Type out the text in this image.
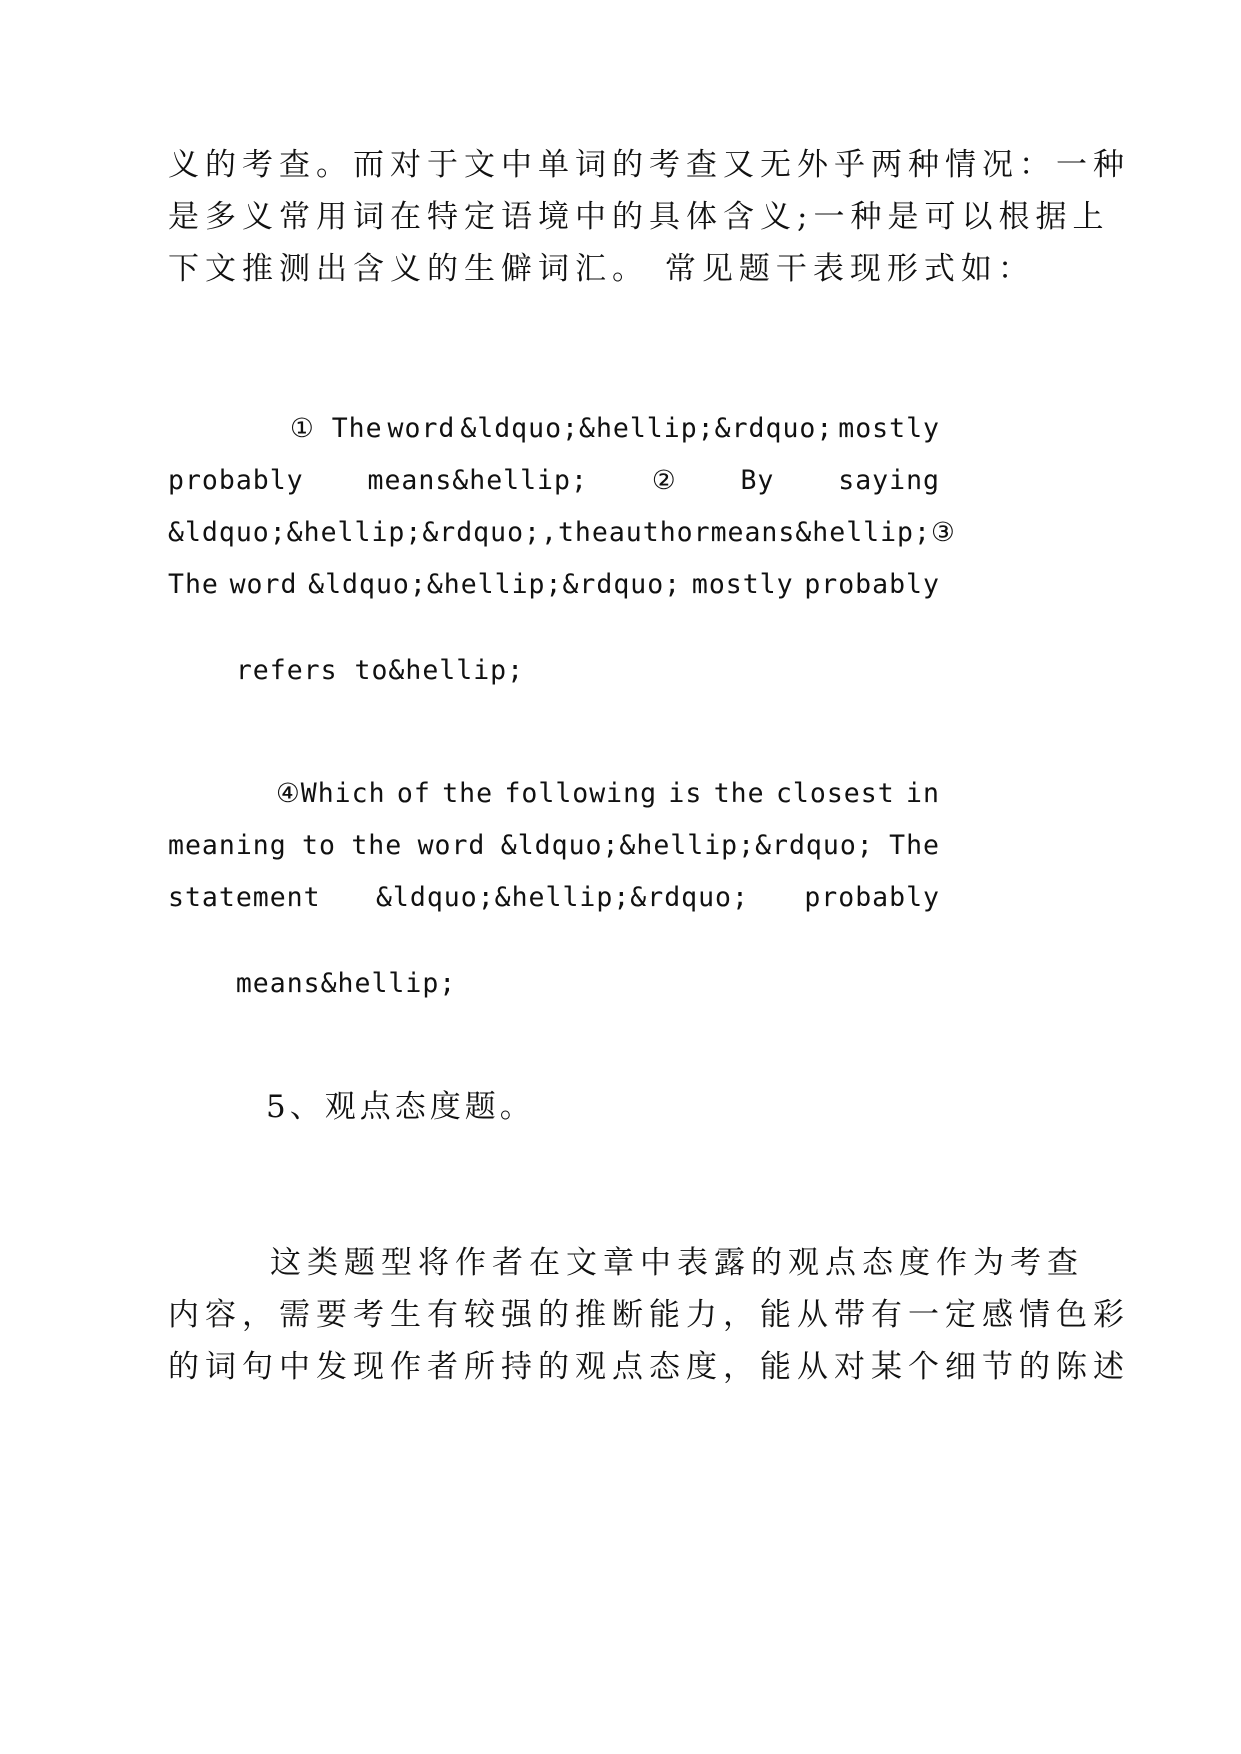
义的考查。而对于文中单词的考查又无外乎两种情况：一种
是多义常用词在特定语境中的具体含义;一种是可以根据上
下文推测出含义的生僻词汇。 常见题干表现形式如：
① The word &ldquo;&hellip;&rdquo; mostly
probably means&hellip; ② By saying
&ldquo;&hellip;&rdquo;, the author means&hellip; ③
The word &ldquo;&hellip;&rdquo; mostly probably

refers to&hellip;

④Which of the following is the closest in
meaning to the word &ldquo;&hellip;&rdquo; The
statement &ldquo;&hellip;&rdquo; probably

means&hellip;

5、观点态度题。
这类题型将作者在文章中表露的观点态度作为考查
内容，需要考生有较强的推断能力，能从带有一定感情色彩
的词句中发现作者所持的观点态度，能从对某个细节的陈述
